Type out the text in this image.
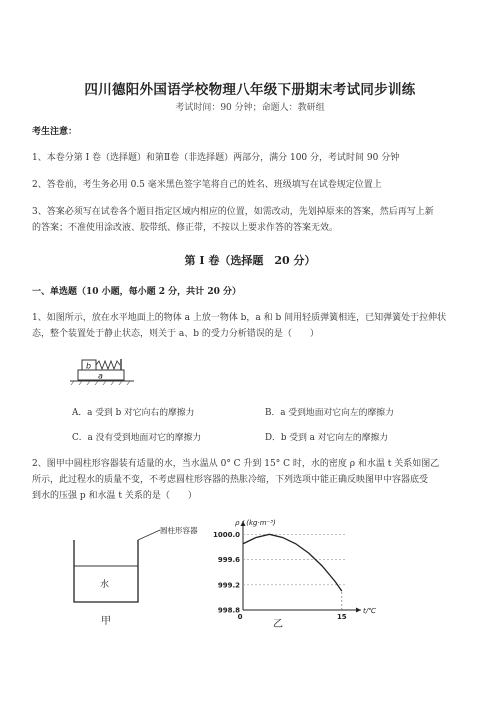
四川德阳外国语学校物理八年级下册期末考试同步训练
考试时间：90 分钟；命题人：教研组
考生注意：
1、本卷分第 I 卷（选择题）和第Ⅱ卷（非选择题）两部分，满分 100 分，考试时间 90 分钟
2、答卷前，考生务必用 0.5 毫米黑色签字笔将自己的姓名、班级填写在试卷规定位置上
3、答案必须写在试卷各个题目指定区域内相应的位置，如需改动，先划掉原来的答案，然后再写上新
的答案；不准使用涂改液、胶带纸、修正带，不按以上要求作答的答案无效。
第 I 卷（选择题　20 分）
一、单选题（10 小题，每小题 2 分，共计 20 分）
1、如图所示，放在水平地面上的物体 a 上放一物体 b，a 和 b 间用轻质弹簧相连，已知弹簧处于拉伸状
态，整个装置处于静止状态，则关于 a、b 的受力分析错误的是（　　）
b
a
A．a 受到 b 对它向右的摩擦力	B．a 受到地面对它向左的摩擦力
C．a 没有受到地面对它的摩擦力	D．b 受到 a 对它向左的摩擦力
2、图甲中圆柱形容器装有适量的水，当水温从 0° C 升到 15° C 时，水的密度 ρ 和水温 t 关系如图乙
所示，此过程水的质量不变，不考虑圆柱形容器的热胀冷缩，下列选项中能正确反映图甲中容器底受
到水的压强 p 和水温 t 关系的是（　　）
圆柱形容器
水
甲
1000.0
999.6
999.2
998.8
0	15
ρ / (kg·m⁻³)
t/℃
乙
